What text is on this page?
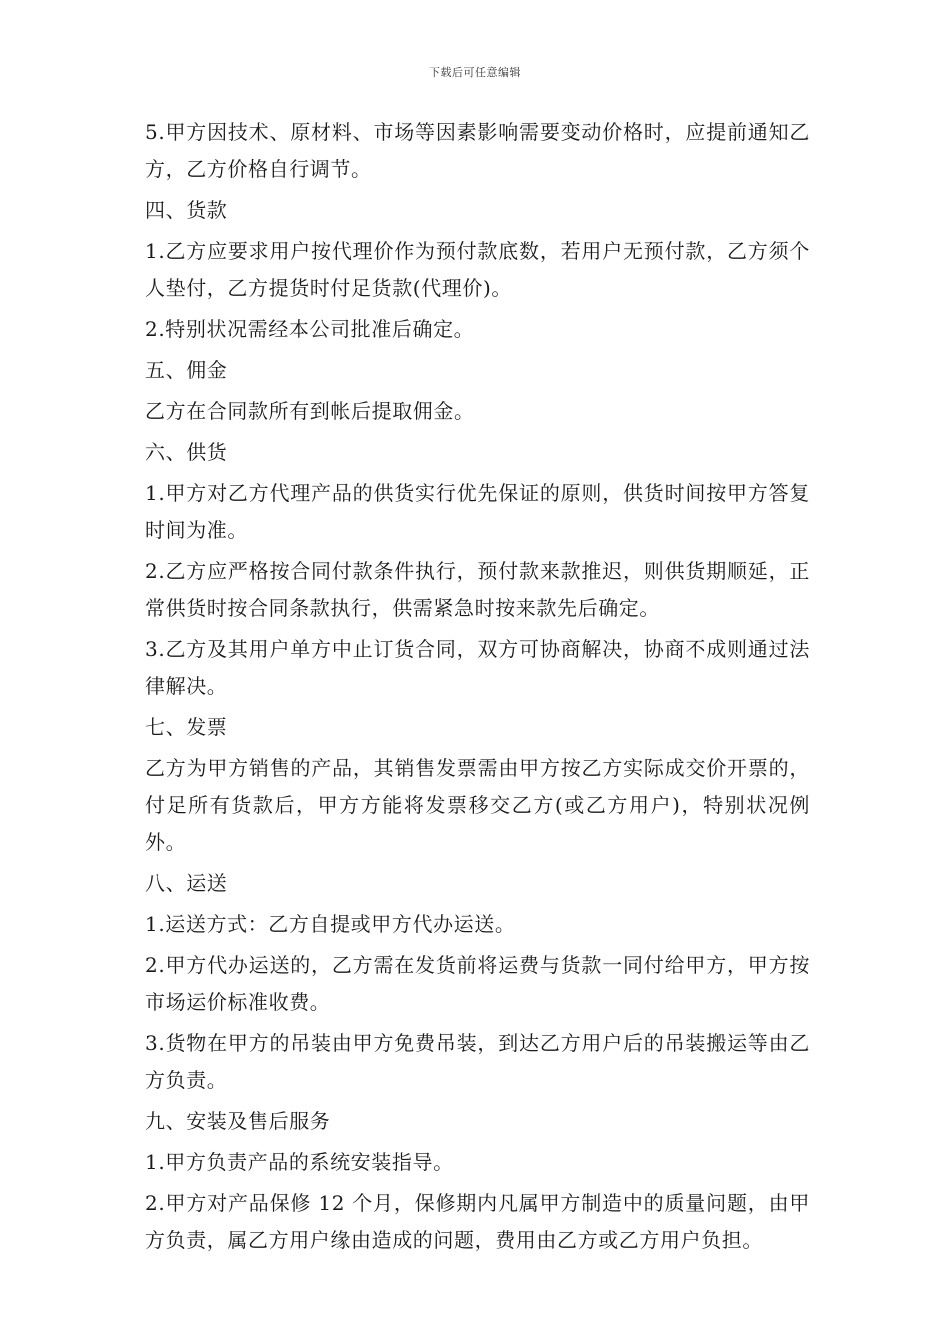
下载后可任意编辑

5.甲方因技术、原材料、市场等因素影响需要变动价格时，应提前通知乙方，乙方价格自行调节。

四、货款

1.乙方应要求用户按代理价作为预付款底数，若用户无预付款，乙方须个人垫付，乙方提货时付足货款(代理价)。

2.特别状况需经本公司批准后确定。

五、佣金

乙方在合同款所有到帐后提取佣金。

六、供货

1.甲方对乙方代理产品的供货实行优先保证的原则，供货时间按甲方答复时间为准。

2.乙方应严格按合同付款条件执行，预付款来款推迟，则供货期顺延，正常供货时按合同条款执行，供需紧急时按来款先后确定。

3.乙方及其用户单方中止订货合同，双方可协商解决，协商不成则通过法律解决。

七、发票

乙方为甲方销售的产品，其销售发票需由甲方按乙方实际成交价开票的，付足所有货款后，甲方方能将发票移交乙方(或乙方用户)，特别状况例外。

八、运送

1.运送方式：乙方自提或甲方代办运送。

2.甲方代办运送的，乙方需在发货前将运费与货款一同付给甲方，甲方按市场运价标准收费。

3.货物在甲方的吊装由甲方免费吊装，到达乙方用户后的吊装搬运等由乙方负责。

九、安装及售后服务

1.甲方负责产品的系统安装指导。

2.甲方对产品保修 12 个月，保修期内凡属甲方制造中的质量问题，由甲方负责，属乙方用户缘由造成的问题，费用由乙方或乙方用户负担。
